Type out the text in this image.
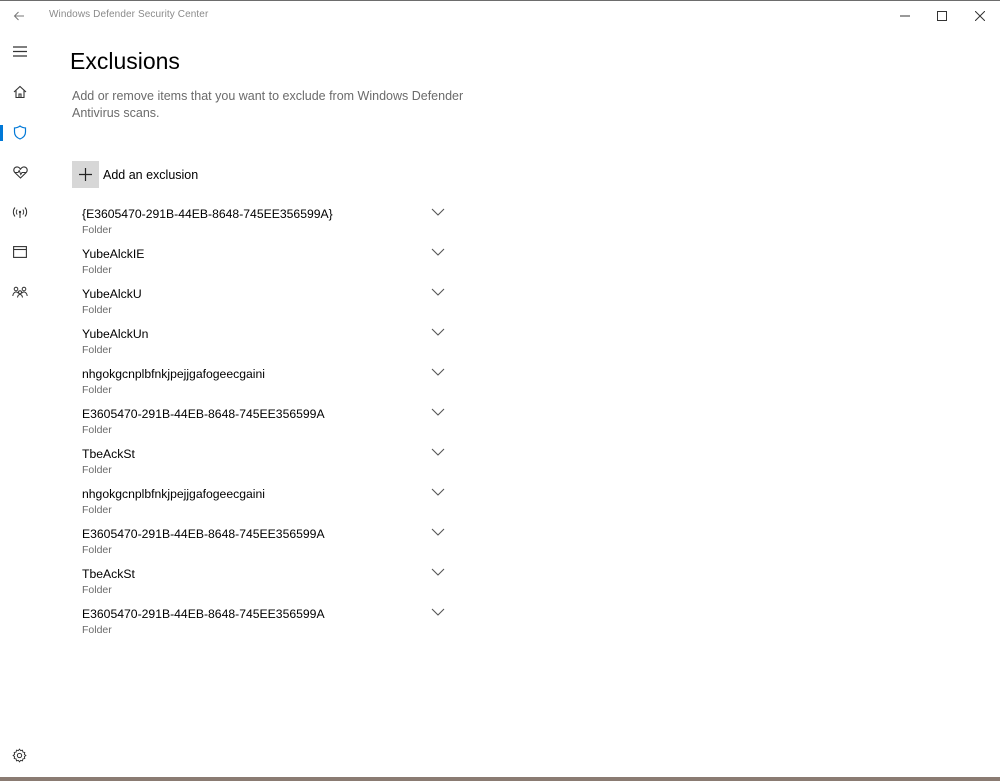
Windows Defender Security Center
Exclusions

Add or remove items that you want to exclude from Windows Defender Antivirus scans.

Add an exclusion
{E3605470-291B-44EB-8648-745EE356599A}
Folder
YubeAlckIE
Folder
YubeAlckU
Folder
YubeAlckUn
Folder
nhgokgcnplbfnkjpejjgafogeecgaini
Folder
E3605470-291B-44EB-8648-745EE356599A
Folder
TbeAckSt
Folder
nhgokgcnplbfnkjpejjgafogeecgaini
Folder
E3605470-291B-44EB-8648-745EE356599A
Folder
TbeAckSt
Folder
E3605470-291B-44EB-8648-745EE356599A
Folder
